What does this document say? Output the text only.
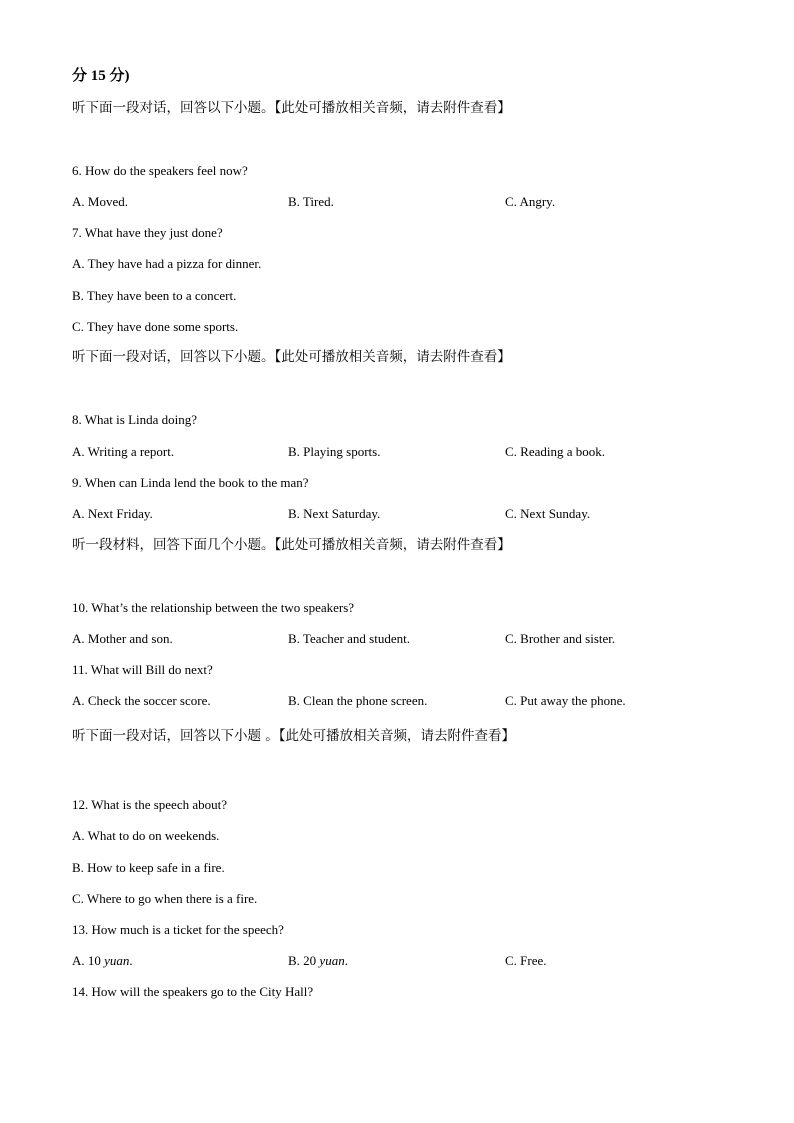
分 15 分)
听下面一段对话，回答以下小题。【此处可播放相关音频，请去附件查看】
6. How do the speakers feel now?
A. Moved.	B. Tired.	C. Angry.
7. What have they just done?
A. They have had a pizza for dinner.
B. They have been to a concert.
C. They have done some sports.
听下面一段对话，回答以下小题。【此处可播放相关音频，请去附件查看】
8. What is Linda doing?
A. Writing a report.	B. Playing sports.	C. Reading a book.
9. When can Linda lend the book to the man?
A. Next Friday.	B. Next Saturday.	C. Next Sunday.
听一段材料，回答下面几个小题。【此处可播放相关音频，请去附件查看】
10. What’s the relationship between the two speakers?
A. Mother and son.	B. Teacher and student.	C. Brother and sister.
11. What will Bill do next?
A. Check the soccer score.	B. Clean the phone screen.	C. Put away the phone.
听下面一段对话，回答以下小题 。【此处可播放相关音频，请去附件查看】
12. What is the speech about?
A. What to do on weekends.
B. How to keep safe in a fire.
C. Where to go when there is a fire.
13. How much is a ticket for the speech?
A. 10 yuan.	B. 20 yuan.	C. Free.
14. How will the speakers go to the City Hall?
